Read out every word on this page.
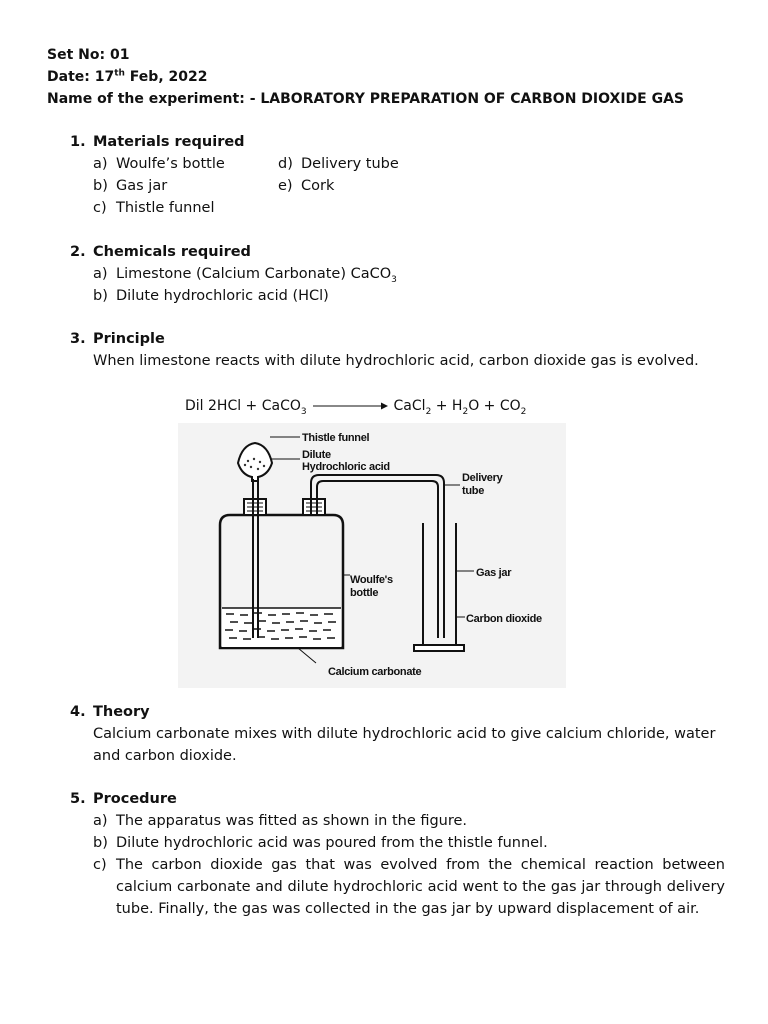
Set No: 01
Date: 17th Feb, 2022
Name of the experiment: - LABORATORY PREPARATION OF CARBON DIOXIDE GAS
1. Materials required
a) Woulfe’s bottle
b) Gas jar
c) Thistle funnel
d) Delivery tube
e) Cork
2. Chemicals required
a) Limestone (Calcium Carbonate) CaCO$_3$
b) Dilute hydrochloric acid (HCl)
3. Principle
When limestone reacts with dilute hydrochloric acid, carbon dioxide gas is evolved.
Dil 2HCl + CaCO$_3$	CaCl$_2$ + $H_2O + CO_2$
Thistle funnel
Dilute
Hydrochloric acid
Delivery
tube
Gas jar
Woulfe's
bottle
Carbon dioxide
Calcium carbonate
4. Theory
Calcium carbonate mixes with dilute hydrochloric acid to give calcium chloride, water and carbon dioxide.
5. Procedure
a) The apparatus was fitted as shown in the figure.
b) Dilute hydrochloric acid was poured from the thistle funnel.
c) The carbon dioxide gas that was evolved from the chemical reaction between calcium carbonate and dilute hydrochloric acid went to the gas jar through delivery tube. Finally, the gas was collected in the gas jar by upward displacement of air.
